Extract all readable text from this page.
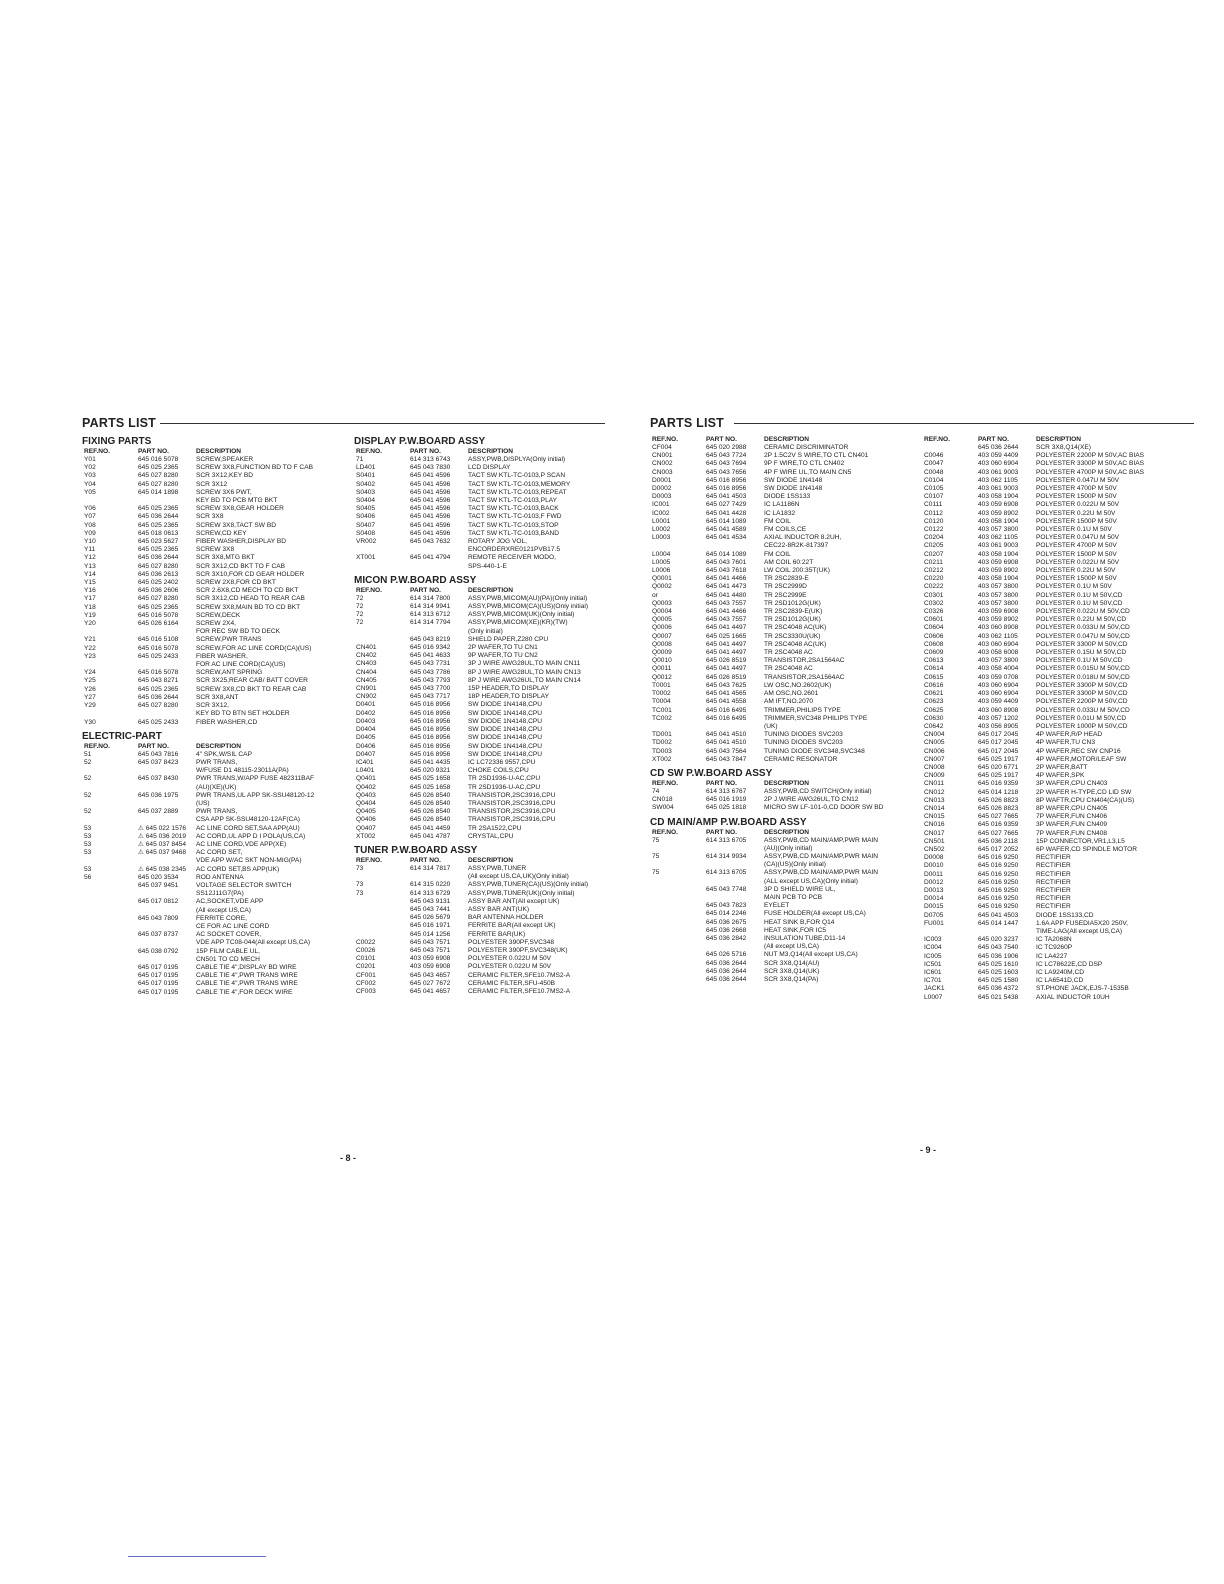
PARTS LIST
FIXING PARTS
REF.NO.	PART NO.	DESCRIPTION
Y01	645 016 5078	SCREW,SPEAKER
Y02	645 025 2365	SCREW 3X8,FUNCTION BD TO F CAB
Y03	645 027 8280	SCR 3X12,KEY BD
Y04	645 027 8280	SCR 3X12
Y05	645 014 1898	SCREW 3X6 PWT,
KEY BD TO PCB MTG BKT
Y06	645 025 2365	SCREW 3X8,GEAR HOLDER
Y07	645 036 2644	SCR 3X8
Y08	645 025 2365	SCREW 3X8,TACT SW BD
Y09	645 018 0613	SCREW,CD KEY
Y10	645 023 5627	FIBER WASHER,DISPLAY BD
Y11	645 025 2365	SCREW 3X8
Y12	645 036 2644	SCR 3X8,MTG BKT
Y13	645 027 8280	SCR 3X12,CD BKT TO F CAB
Y14	645 036 2613	SCR 3X10,FOR CD GEAR HOLDER
Y15	645 025 2402	SCREW 2X8,FOR CD BKT
Y16	645 036 2606	SCR 2.6X8,CD MECH TO CD BKT
Y17	645 027 8280	SCR 3X12,CD HEAD TO REAR CAB
Y18	645 025 2365	SCREW 3X8,MAIN BD TO CD BKT
Y19	645 016 5078	SCREW,DECK
Y20	645 026 6164	SCREW 2X4,
FOR REC SW BD TO DECK
Y21	645 016 5108	SCREW,PWR TRANS
Y22	645 016 5078	SCREW,FOR AC LINE CORD(CA)(US)
Y23	645 025 2433	FIBER WASHER,
FOR AC LINE CORD(CA)(US)
Y24	645 016 5078	SCREW,ANT SPRING
Y25	645 043 8271	SCR 3X25,REAR CAB/ BATT COVER
Y26	645 025 2365	SCREW 3X8,CD BKT TO REAR CAB
Y27	645 036 2644	SCR 3X8,ANT
Y29	645 027 8280	SCR 3X12,
KEY BD TO BTN SET HOLDER
Y30	645 025 2433	FIBER WASHER,CD
ELECTRIC-PART
REF.NO.	PART NO.	DESCRIPTION
51	645 043 7816	4" SPK,W/SIL CAP
52	645 037 8423	PWR TRANS,
W/FUSE D1 48115-23011A(PA)
52	645 037 8430	PWR TRANS,W/APP FUSE 482311BAF
(AU)(XE)(UK)
52	645 036 1975	PWR TRANS,UL APP SK-SSU48120-12
(US)
52	645 037 2889	PWR TRANS,
CSA APP SK-SSU48120-12AF(CA)
53	⚠ 645 022 1576	AC LINE CORD SET,SAA APP(AU)
53	⚠ 645 036 2019	AC CORD,UL APP D I POLA(US,CA)
53	⚠ 645 037 8454	AC LINE CORD,VDE APP(XE)
53	⚠ 645 037 9468	AC CORD SET,
VDE APP W/AC SKT NON-MIG(PA)
53	⚠ 645 038 2345	AC CORD SET,BS APP(UK)
56	645 020 3534	ROD ANTENNA
645 037 9451	VOLTAGE SELECTOR SWITCH
SS12J11G7(PA)
645 017 0812	AC,SOCKET,VDE APP
(All except US,CA)
645 043 7809	FERRITE CORE,
CE FOR AC LINE CORD
645 037 8737	AC SOCKET COVER,
VDE APP TC08-044(All except US,CA)
645 038 0792	15P FILM CABLE UL,
CN501 TO CD MECH
645 017 0195	CABLE TIE 4",DISPLAY BD WIRE
645 017 0195	CABLE TIE 4",PWR TRANS WIRE
645 017 0195	CABLE TIE 4",PWR TRANS WIRE
645 017 0195	CABLE TIE 4",FOR DECK WIRE
DISPLAY P.W.BOARD ASSY
REF.NO.	PART NO.	DESCRIPTION
71	614 313 6743	ASSY,PWB,DISPLYA(Only initial)
LD401	645 043 7830	LCD DISPLAY
S0401	645 041 4596	TACT SW KTL-TC-0103,P SCAN
S0402	645 041 4596	TACT SW KTL-TC-0103,MEMORY
S0403	645 041 4596	TACT SW KTL-TC-0103,REPEAT
S0404	645 041 4596	TACT SW KTL-TC-0103,PLAY
S0405	645 041 4596	TACT SW KTL-TC-0103,BACK
S0406	645 041 4596	TACT SW KTL-TC-0103,F FWD
S0407	645 041 4596	TACT SW KTL-TC-0103,STOP
S0408	645 041 4596	TACT SW KTL-TC-0103,BAND
VR002	645 043 7632	ROTARY JOG VOL,
ENCORDERXRE0121PVB17.5
XT001	645 041 4794	REMOTE RECEIVER MODO,
SPS-440-1-E
MICON P.W.BOARD ASSY
REF.NO.	PART NO.	DESCRIPTION
72	614 314 7800	ASSY,PWB,MICOM(AU)(PA)(Only initial)
72	614 314 9941	ASSY,PWB,MICOM(CA)(US)(Only initial)
72	614 313 6712	ASSY,PWB,MICOM(UK)(Only initial)
72	614 314 7794	ASSY,PWB,MICOM(XE)(KR)(TW)
(Only initial)
645 043 8219	SHIELD PAPER,Z280 CPU
CN401	645 016 9342	2P WAFER,TO TU CN1
CN402	645 041 4633	9P WAFER,TO TU CN2
CN403	645 043 7731	3P J WIRE AWG28UL,TO MAIN CN11
CN404	645 043 7786	8P J WIRE AWG28UL,TO MAIN CN13
CN405	645 043 7793	8P J WIRE AWG26UL,TO MAIN CN14
CN901	645 043 7700	15P HEADER,TO DISPLAY
CN902	645 043 7717	18P HEADER,TO DISPLAY
D0401	645 016 8956	SW DIODE 1N4148,CPU
D0402	645 016 8956	SW DIODE 1N4148,CPU
D0403	645 016 8956	SW DIODE 1N4148,CPU
D0404	645 016 8956	SW DIODE 1N4148,CPU
D0405	645 016 8956	SW DIODE 1N4148,CPU
D0406	645 016 8956	SW DIODE 1N4148,CPU
D0407	645 016 8956	SW DIODE 1N4148,CPU
IC401	645 041 4435	IC LC72336 9557,CPU
L0401	645 020 9321	CHOKE COILS,CPU
Q0401	645 025 1658	TR 2SD1936-U-AC,CPU
Q0402	645 025 1658	TR 2SD1936-U-AC,CPU
Q0403	645 026 8540	TRANSISTOR,2SC3916,CPU
Q0404	645 026 8540	TRANSISTOR,2SC3916,CPU
Q0405	645 026 8540	TRANSISTOR,2SC3916,CPU
Q0406	645 026 8540	TRANSISTOR,2SC3916,CPU
Q0407	645 041 4459	TR 2SA1522,CPU
XT002	645 041 4787	CRYSTAL,CPU
TUNER P.W.BOARD ASSY
REF.NO.	PART NO.	DESCRIPTION
73	614 314 7817	ASSY,PWB,TUNER
(All except US,CA,UK)(Only initial)
73	614 315 0220	ASSY,PWB,TUNER(CA)(US)(Only initial)
73	614 313 6729	ASSY,PWB,TUNER(UK)(Only initial)
645 043 9131	ASSY BAR ANT(All except UK)
645 043 7441	ASSY BAR ANT(UK)
645 026 5679	BAR ANTENNA HOLDER
645 016 1971	FERRITE BAR(All except UK)
645 014 1256	FERRITE BAR(UK)
C0022	645 043 7571	POLYESTER 390PF,SVC348
C0026	645 043 7571	POLYESTER 390PF,SVC348(UK)
C0101	403 059 6908	POLYESTER 0.022U M 50V
C0201	403 059 6908	POLYESTER 0.022U M 50V
CF001	645 043 4657	CERAMIC FILTER,SFE10.7MS2-A
CF002	645 027 7672	CERAMIC FILTER,SFU-450B
CF003	645 041 4657	CERAMIC FILTER,SFE10.7MS2-A
- 8 -
PARTS LIST
REF.NO.	PART NO.	DESCRIPTION
CF004	645 020 2988	CERAMIC DISCRIMINATOR
CN001	645 043 7724	2P 1.5C2V S WIRE,TO CTL CN401
CN002	645 043 7694	9P F WIRE,TO CTL CN402
CN003	645 043 7656	4P F WIRE UL,TO MAIN CN5
D0001	645 016 8956	SW DIODE 1N4148
D0002	645 016 8956	SW DIODE 1N4148
D0003	645 041 4503	DIODE 1SS133
IC001	645 027 7429	IC LA1186N
IC002	645 041 4428	IC LA1832
L0001	645 014 1089	FM COIL
L0002	645 041 4589	FM COILS,CE
L0003	645 041 4534	AXIAL INDUCTOR 8.2UH,
CEC22-8R2K-817397
L0004	645 014 1089	FM COIL
L0005	645 043 7601	AM COIL 60:22T
L0006	645 043 7618	LW COIL 200:35T(UK)
Q0001	645 041 4466	TR 2SC2839-E
Q0002	645 041 4473	TR 2SC2999D
or	645 041 4480	TR 2SC2999E
Q0003	645 043 7557	TR 2SD1012G(UK)
Q0004	645 041 4466	TR 2SC2839-E(UK)
Q0005	645 043 7557	TR 2SD1012G(UK)
Q0006	645 041 4497	TR 2SC4048 AC(UK)
Q0007	645 025 1665	TR 2SC3330U(UK)
Q0008	645 041 4497	TR 2SC4048 AC(UK)
Q0009	645 041 4497	TR 2SC4048 AC
Q0010	645 026 8519	TRANSISTOR,2SA1564AC
Q0011	645 041 4497	TR 2SC4048 AC
Q0012	645 026 8519	TRANSISTOR,2SA1564AC
T0001	645 043 7625	LW OSC,NO.2602(UK)
T0002	645 041 4565	AM OSC,NO.2601
T0004	645 041 4558	AM IFT,NO.2070
TC001	645 016 6495	TRIMMER,PHILIPS TYPE
TC002	645 016 6495	TRIMMER,SVC348 PHILIPS TYPE
(UK)
TD001	645 041 4510	TUNING DIODES SVC203
TD002	645 041 4510	TUNING DIODES SVC203
TD003	645 043 7564	TUNING DIODE SVC348,SVC348
XT002	645 043 7847	CERAMIC RESONATOR
CD SW P.W.BOARD ASSY
REF.NO.	PART NO.	DESCRIPTION
74	614 313 6767	ASSY,PWB,CD SWITCH(Only initial)
CN018	645 016 1919	2P J.WIRE AWG26UL,TO CN12
SW004	645 025 1818	MICRO SW LF-101-0,CD DOOR SW BD
CD MAIN/AMP P.W.BOARD ASSY
REF.NO.	PART NO.	DESCRIPTION
75	614 313 6705	ASSY,PWB,CD MAIN/AMP,PWR MAIN
(AU)(Only initial)
75	614 314 9934	ASSY,PWB,CD MAIN/AMP,PWR MAIN
(CA)(US)(Only initial)
75	614 313 6705	ASSY,PWB,CD MAIN/AMP,PWR MAIN
(ALL except US,CA)(Only initial)
645 043 7748	3P D SHIELD WIRE UL,
MAIN PCB TO PCB
645 043 7823	EYELET
645 014 2246	FUSE HOLDER(All except US,CA)
645 036 2675	HEAT SINK B,FOR Q14
645 036 2668	HEAT SINK,FOR IC5
645 036 2842	INSULATION TUBE,D11-14
(All except US,CA)
645 026 5716	NUT M3,Q14(All except US,CA)
645 036 2644	SCR 3X8,Q14(AU)
645 036 2644	SCR 3X8,Q14(UK)
645 036 2644	SCR 3X8,Q14(PA)
REF.NO.	PART NO.	DESCRIPTION
645 036 2644	SCR 3X8,Q14(XE)
C0046	403 059 4409	POLYESTER 2200P M 50V,AC BIAS
C0047	403 060 6904	POLYESTER 3300P M 50V,AC BIAS
C0048	403 061 9003	POLYESTER 4700P M 50V,AC BIAS
C0104	403 062 1105	POLYESTER 0.047U M 50V
C0105	403 061 9003	POLYESTER 4700P M 50V
C0107	403 058 1904	POLYESTER 1500P M 50V
C0111	403 059 6908	POLYESTER 0.022U M 50V
C0112	403 059 8902	POLYESTER 0.22U M 50V
C0120	403 058 1904	POLYESTER 1500P M 50V
C0122	403 057 3800	POLYESTER 0.1U M 50V
C0204	403 062 1105	POLYESTER 0.047U M 50V
C0205	403 061 9003	POLYESTER 4700P M 50V
C0207	403 058 1904	POLYESTER 1500P M 50V
C0211	403 059 6908	POLYESTER 0.022U M 50V
C0212	403 059 8902	POLYESTER 0.22U M 50V
C0220	403 058 1904	POLYESTER 1500P M 50V
C0222	403 057 3800	POLYESTER 0.1U M 50V
C0301	403 057 3800	POLYESTER 0.1U M 50V,CD
C0302	403 057 3800	POLYESTER 0.1U M 50V,CD
C0326	403 059 6908	POLYESTER 0.022U M 50V,CD
C0601	403 059 8902	POLYESTER 0.22U M 50V,CD
C0604	403 060 8908	POLYESTER 0.033U M 50V,CD
C0606	403 062 1105	POLYESTER 0.047U M 50V,CD
C0608	403 060 6904	POLYESTER 3300P M 50V,CD
C0609	403 058 6008	POLYESTER 0.15U M 50V,CD
C0613	403 057 3800	POLYESTER 0.1U M 50V,CD
C0614	403 058 4004	POLYESTER 0.015U M 50V,CD
C0615	403 059 0708	POLYESTER 0.018U M 50V,CD
C0616	403 060 6904	POLYESTER 3300P M 50V,CD
C0621	403 060 6904	POLYESTER 3300P M 50V,CD
C0623	403 059 4409	POLYESTER 2200P M 50V,CD
C0625	403 060 8908	POLYESTER 0.033U M 50V,CD
C0630	403 057 1202	POLYESTER 0.01U M 50V,CD
C0642	403 056 8905	POLYESTER 1000P M 50V,CD
CN004	645 017 2045	4P WAFER,R/P HEAD
CN005	645 017 2045	4P WAFER,TU CN3
CN006	645 017 2045	4P WAFER,REC SW CNP16
CN007	645 025 1917	4P WAFER,MOTOR/LEAF SW
CN008	645 020 6771	2P WAFER,BATT
CN009	645 025 1917	4P WAFER,SPK
CN011	645 016 9359	3P WAFER,CPU CN403
CN012	645 014 1218	2P WAFER H-TYPE,CD LID SW
CN013	645 026 8823	8P WAFTR,CPU CN404(CA)(US)
CN014	645 026 8823	8P WAFER,CPU CN405
CN015	645 027 7665	7P WAFER,FUN CN406
CN016	645 016 9359	3P WAFER,FUN CN409
CN017	645 027 7665	7P WAFER,FUN CN408
CN501	645 036 2118	15P CONNECTOR,VR1,L3,L5
CN502	645 017 2052	6P WAFER,CD SPINDLE MOTOR
D0008	645 016 9250	RECTIFIER
D0010	645 016 9250	RECTIFIER
D0011	645 016 9250	RECTIFIER
D0012	645 016 9250	RECTIFIER
D0013	645 016 9250	RECTIFIER
D0014	645 016 9250	RECTIFIER
D0015	645 016 9250	RECTIFIER
D0705	645 041 4503	DIODE 1SS133,CD
FU001	645 014 1447	1.6A APP FUSEDIA5X20 250V,
TIME-LAG(All except US,CA)
IC003	645 020 3237	IC TA2068N
IC004	645 043 7540	IC TC9260P
IC005	645 036 1906	IC LA4227
IC501	645 025 1610	IC LC78622E,CD DSP
IC601	645 025 1603	IC LA9240M,CD
IC701	645 025 1580	IC LA6541D,CD
JACK1	645 036 4372	ST.PHONE JACK,EJS-7-1535B
L0007	645 021 5438	AXIAL INDUCTOR 10UH
- 9 -
